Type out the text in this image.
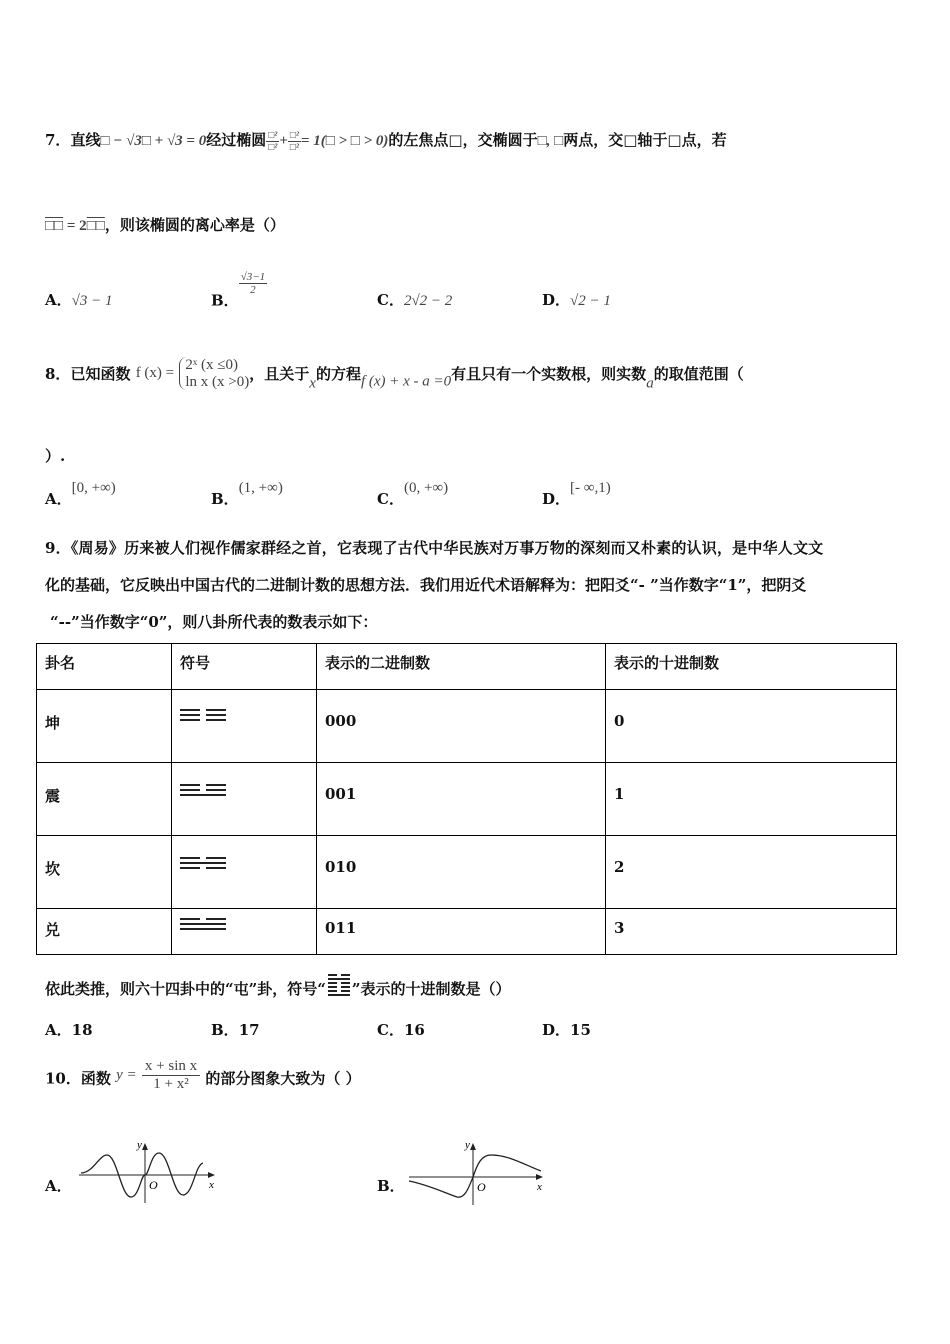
7．直线□ − √3□ + √3 = 0经过椭圆 $\frac{\text{□²}}{\text{□²}}+ \frac{\text{□²}}{\text{□²}}=$ 1(□ > □ > 0)的左焦点□，交椭圆于□, □两点，交□轴于□点，若
□□ = 2□□，则该椭圆的离心率是（）
A．√3 − 1	B．
$\frac{√3-1}{2}$
C．2√2 − 2	D．√2 − 1
8．已知函数 f (x) = 2ˣ (x ≤0)
ln x (x >0) ，且关于x的方程f (x) + x - a =0有且只有一个实数根，则实数a的取值范围（
）.
A．[0, +∞)
B．(1, +∞)
C．(0, +∞)
D．[- ∞,1)
9．《周易》历来被人们视作儒家群经之首，它表现了古代中华民族对万事万物的深刻而又朴素的认识，是中华人文文
化的基础，它反映出中国古代的二进制计数的思想方法．我们用近代术语解释为：把阳爻“- ”当作数字“1”，把阴爻
“--”当作数字“0”，则八卦所代表的数表示如下：
卦名	符号	表示的二进制数	表示的十进制数
坤		000	0
震		001	1
坎		010	2
兑		011	3
依此类推，则六十四卦中的“屯”卦，符号“ ”表示的十进制数是（）
A．18	B．17	C．16	D．15
10．函数 $y = \frac{\text{x + sin x}}{\text{1 + x²}}$ 的部分图象大致为（ ）
A．
y
x
O	B．
y
x
O
